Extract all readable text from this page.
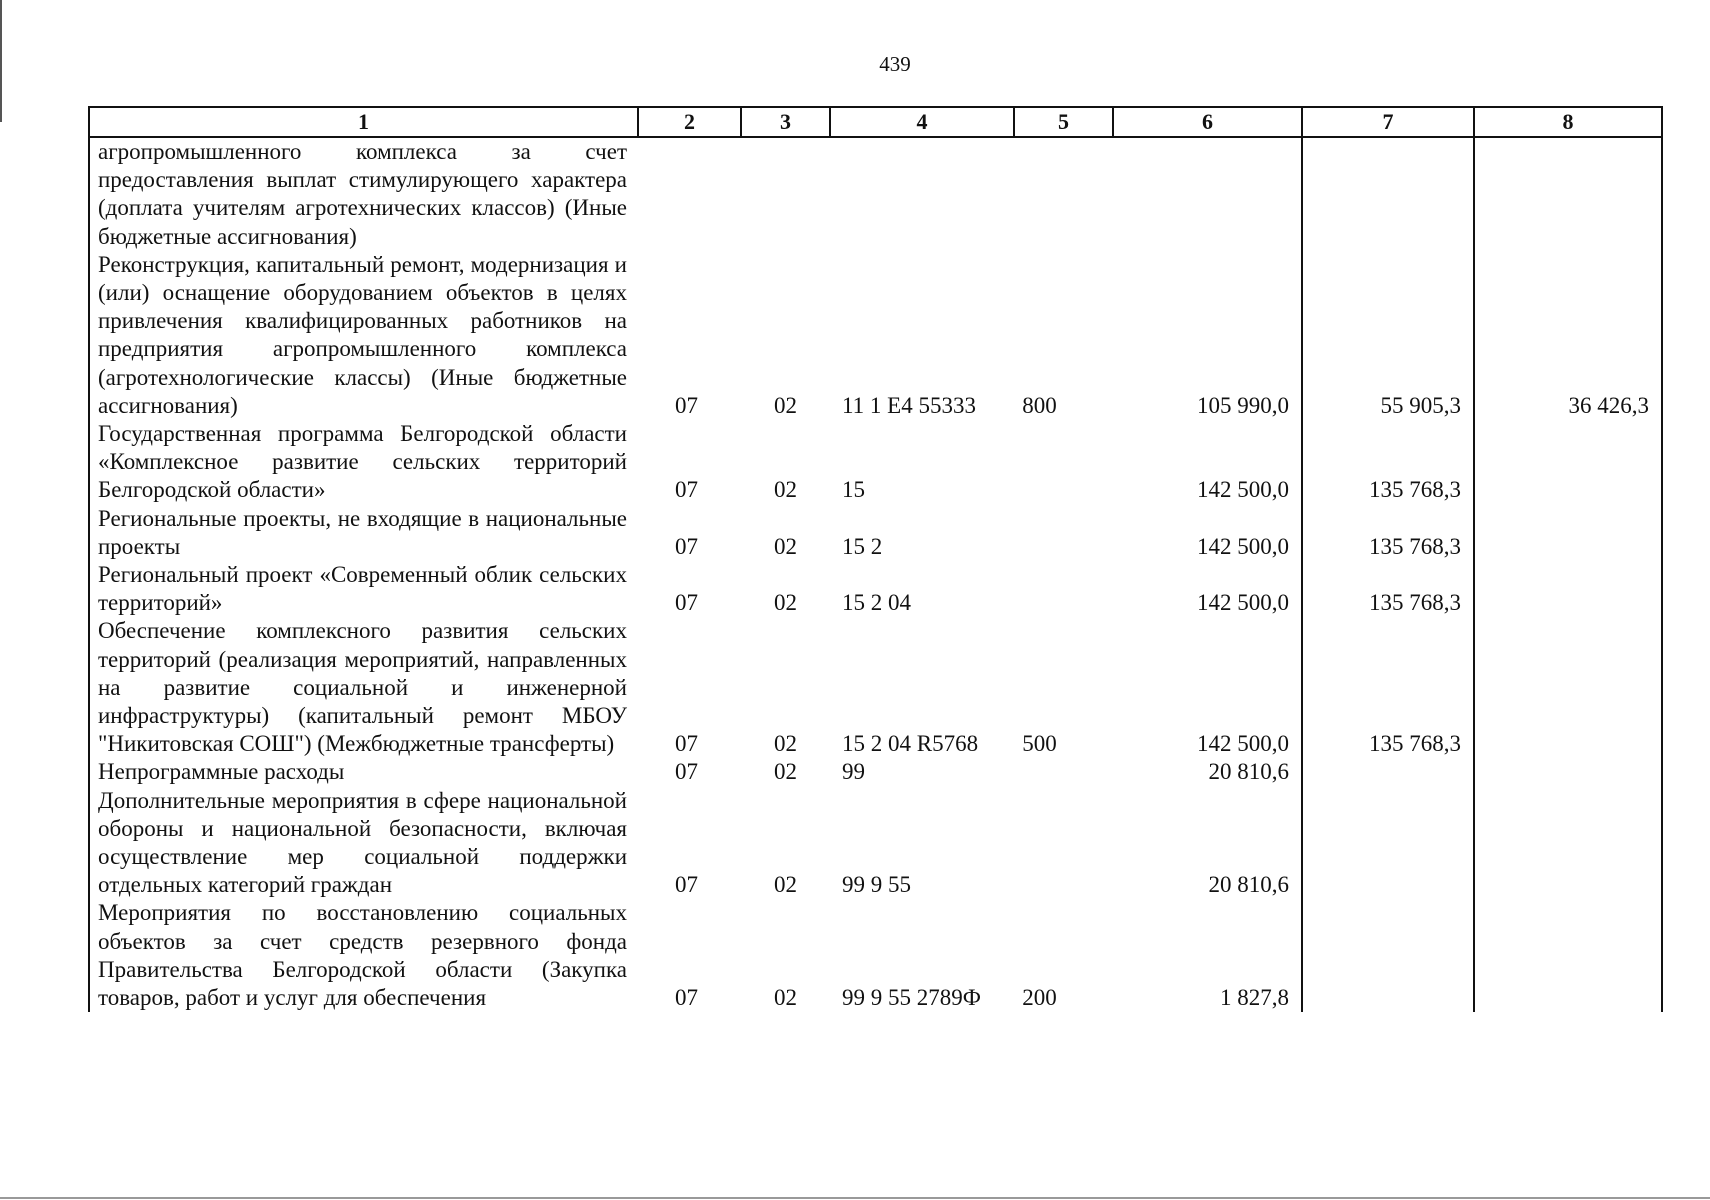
439
1	2	3	4	5	6	7	8

агропромышленного комплекса за счет предоставления выплат стимулирующего характера (доплата учителям агротехнических классов) (Иные бюджетные ассигнования)							

Реконструкция, капитальный ремонт, модернизация и (или) оснащение оборудованием объектов в целях привлечения квалифицированных работников на предприятия агропромышленного комплекса (агротехнологические классы) (Иные бюджетные ассигнования)	07	02	11 1 E4 55333	800	105 990,0	55 905,3	36 426,3

Государственная программа Белгородской области «Комплексное развитие сельских территорий Белгородской области»	07	02	15		142 500,0	135 768,3	

Региональные проекты, не входящие в национальные проекты	07	02	15 2		142 500,0	135 768,3	

Региональный проект «Современный облик сельских территорий»	07	02	15 2 04		142 500,0	135 768,3	

Обеспечение комплексного развития сельских территорий (реализация мероприятий, направленных на развитие социальной и инженерной инфраструктуры) (капитальный ремонт МБОУ "Никитовская СОШ") (Межбюджетные трансферты)	07	02	15 2 04 R5768	500	142 500,0	135 768,3	

Непрограммные расходы	07	02	99		20 810,6		

Дополнительные мероприятия в сфере национальной обороны и национальной безопасности, включая осуществление мер социальной поддержки отдельных категорий граждан	07	02	99 9 55		20 810,6		

Мероприятия по восстановлению социальных объектов за счет средств резервного фонда Правительства Белгородской области (Закупка товаров, работ и услуг для обеспечения	07	02	99 9 55 2789Ф	200	1 827,8		
